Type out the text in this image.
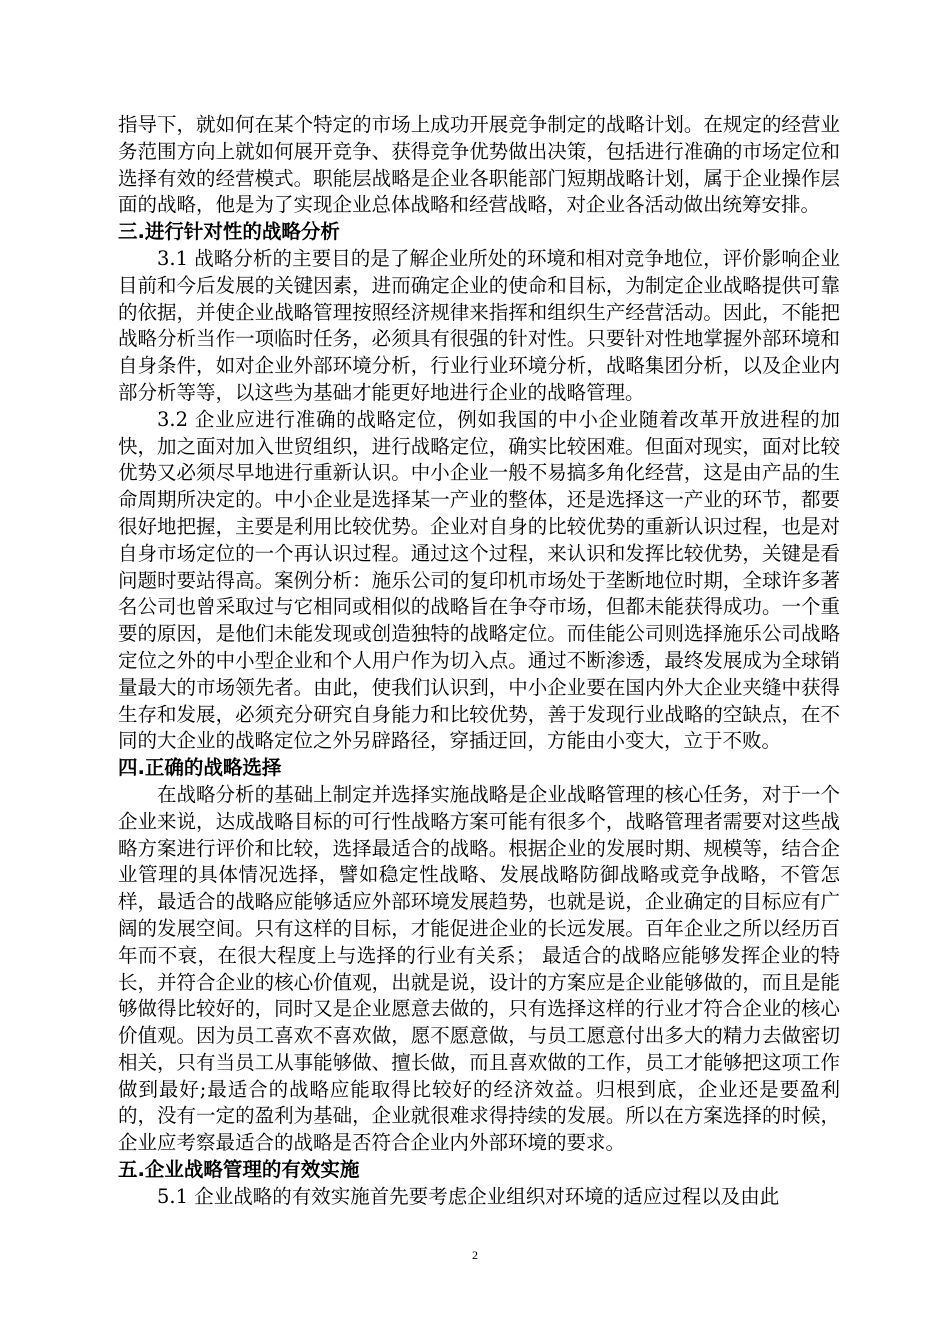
指导下，就如何在某个特定的市场上成功开展竞争制定的战略计划。在规定的经营业务范围方向上就如何展开竞争、获得竞争优势做出决策，包括进行准确的市场定位和选择有效的经营模式。职能层战略是企业各职能部门短期战略计划，属于企业操作层面的战略，他是为了实现企业总体战略和经营战略，对企业各活动做出统筹安排。

三.进行针对性的战略分析

3.1 战略分析的主要目的是了解企业所处的环境和相对竞争地位，评价影响企业目前和今后发展的关键因素，进而确定企业的使命和目标，为制定企业战略提供可靠的依据，并使企业战略管理按照经济规律来指挥和组织生产经营活动。因此，不能把战略分析当作一项临时任务，必须具有很强的针对性。只要针对性地掌握外部环境和自身条件，如对企业外部环境分析，行业行业环境分析，战略集团分析，以及企业内部分析等等，以这些为基础才能更好地进行企业的战略管理。

3.2 企业应进行准确的战略定位，例如我国的中小企业随着改革开放进程的加快，加之面对加入世贸组织，进行战略定位，确实比较困难。但面对现实，面对比较优势又必须尽早地进行重新认识。中小企业一般不易搞多角化经营，这是由产品的生命周期所决定的。中小企业是选择某一产业的整体，还是选择这一产业的环节，都要很好地把握，主要是利用比较优势。企业对自身的比较优势的重新认识过程，也是对自身市场定位的一个再认识过程。通过这个过程，来认识和发挥比较优势，关键是看问题时要站得高。案例分析：施乐公司的复印机市场处于垄断地位时期，全球许多著名公司也曾采取过与它相同或相似的战略旨在争夺市场，但都未能获得成功。一个重要的原因，是他们未能发现或创造独特的战略定位。而佳能公司则选择施乐公司战略定位之外的中小型企业和个人用户作为切入点。通过不断渗透，最终发展成为全球销量最大的市场领先者。由此，使我们认识到，中小企业要在国内外大企业夹缝中获得生存和发展，必须充分研究自身能力和比较优势，善于发现行业战略的空缺点，在不同的大企业的战略定位之外另辟路径，穿插迂回，方能由小变大，立于不败。

四.正确的战略选择

在战略分析的基础上制定并选择实施战略是企业战略管理的核心任务，对于一个企业来说，达成战略目标的可行性战略方案可能有很多个，战略管理者需要对这些战略方案进行评价和比较，选择最适合的战略。根据企业的发展时期、规模等，结合企业管理的具体情况选择，譬如稳定性战略、发展战略防御战略或竞争战略，不管怎样，最适合的战略应能够适应外部环境发展趋势，也就是说，企业确定的目标应有广阔的发展空间。只有这样的目标，才能促进企业的长远发展。百年企业之所以经历百年而不衰，在很大程度上与选择的行业有关系； 最适合的战略应能够发挥企业的特长，并符合企业的核心价值观，出就是说，设计的方案应是企业能够做的，而且是能够做得比较好的，同时又是企业愿意去做的，只有选择这样的行业才符合企业的核心价值观。因为员工喜欢不喜欢做，愿不愿意做，与员工愿意付出多大的精力去做密切相关，只有当员工从事能够做、擅长做，而且喜欢做的工作，员工才能够把这项工作做到最好;最适合的战略应能取得比较好的经济效益。归根到底，企业还是要盈利的，没有一定的盈利为基础，企业就很难求得持续的发展。所以在方案选择的时候，企业应考察最适合的战略是否符合企业内外部环境的要求。

五.企业战略管理的有效实施

5.1 企业战略的有效实施首先要考虑企业组织对环境的适应过程以及由此

2
